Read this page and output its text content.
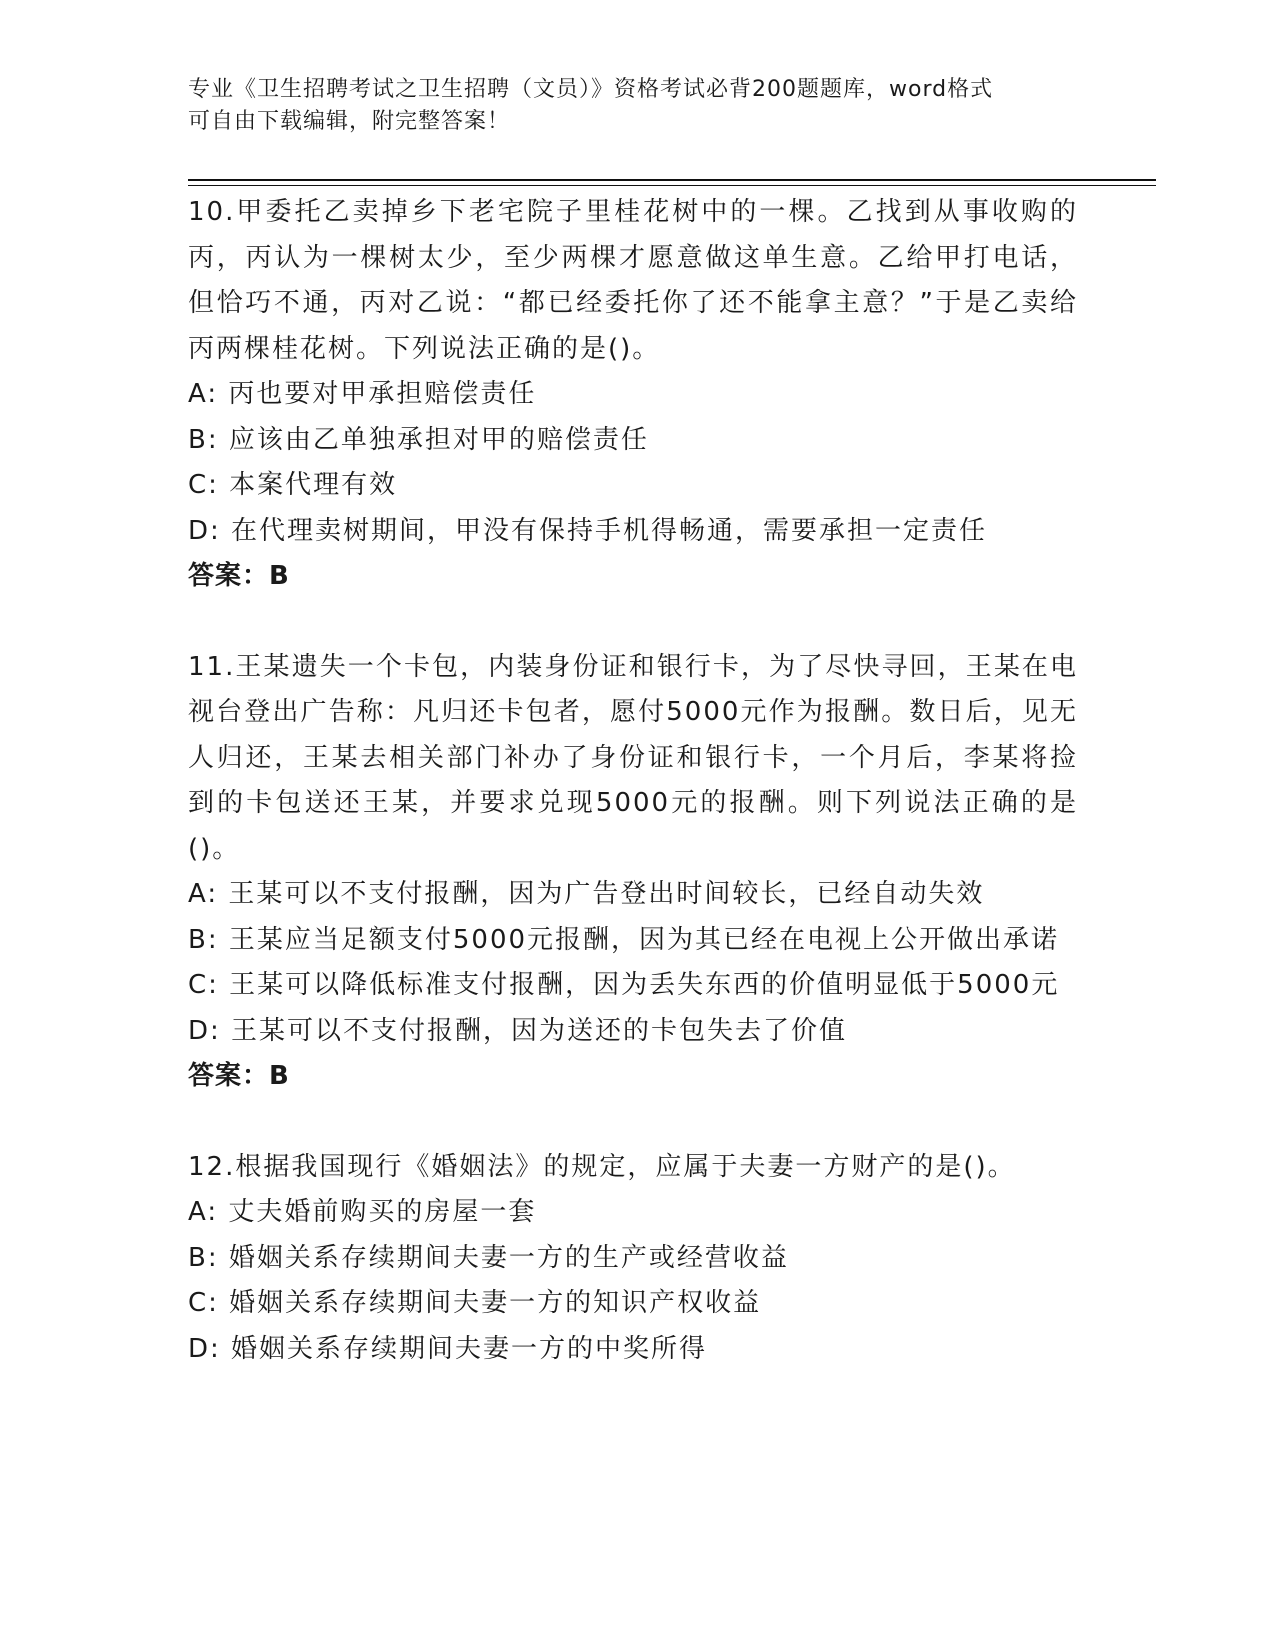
专业《卫生招聘考试之卫生招聘（文员）》资格考试必背200题题库，word格式
可自由下载编辑，附完整答案！

10.甲委托乙卖掉乡下老宅院子里桂花树中的一棵。乙找到从事收购的丙，丙认为一棵树太少，至少两棵才愿意做这单生意。乙给甲打电话，但恰巧不通，丙对乙说：“都已经委托你了还不能拿主意？”于是乙卖给丙两棵桂花树。下列说法正确的是()。

A: 丙也要对甲承担赔偿责任

B: 应该由乙单独承担对甲的赔偿责任

C: 本案代理有效

D: 在代理卖树期间，甲没有保持手机得畅通，需要承担一定责任

答案：B

11.王某遗失一个卡包，内装身份证和银行卡，为了尽快寻回，王某在电视台登出广告称：凡归还卡包者，愿付5000元作为报酬。数日后，见无人归还，王某去相关部门补办了身份证和银行卡，一个月后，李某将捡到的卡包送还王某，并要求兑现5000元的报酬。则下列说法正确的是()。

A: 王某可以不支付报酬，因为广告登出时间较长，已经自动失效

B: 王某应当足额支付5000元报酬，因为其已经在电视上公开做出承诺

C: 王某可以降低标准支付报酬，因为丢失东西的价值明显低于5000元

D: 王某可以不支付报酬，因为送还的卡包失去了价值

答案：B

12.根据我国现行《婚姻法》的规定，应属于夫妻一方财产的是()。

A: 丈夫婚前购买的房屋一套

B: 婚姻关系存续期间夫妻一方的生产或经营收益

C: 婚姻关系存续期间夫妻一方的知识产权收益

D: 婚姻关系存续期间夫妻一方的中奖所得
